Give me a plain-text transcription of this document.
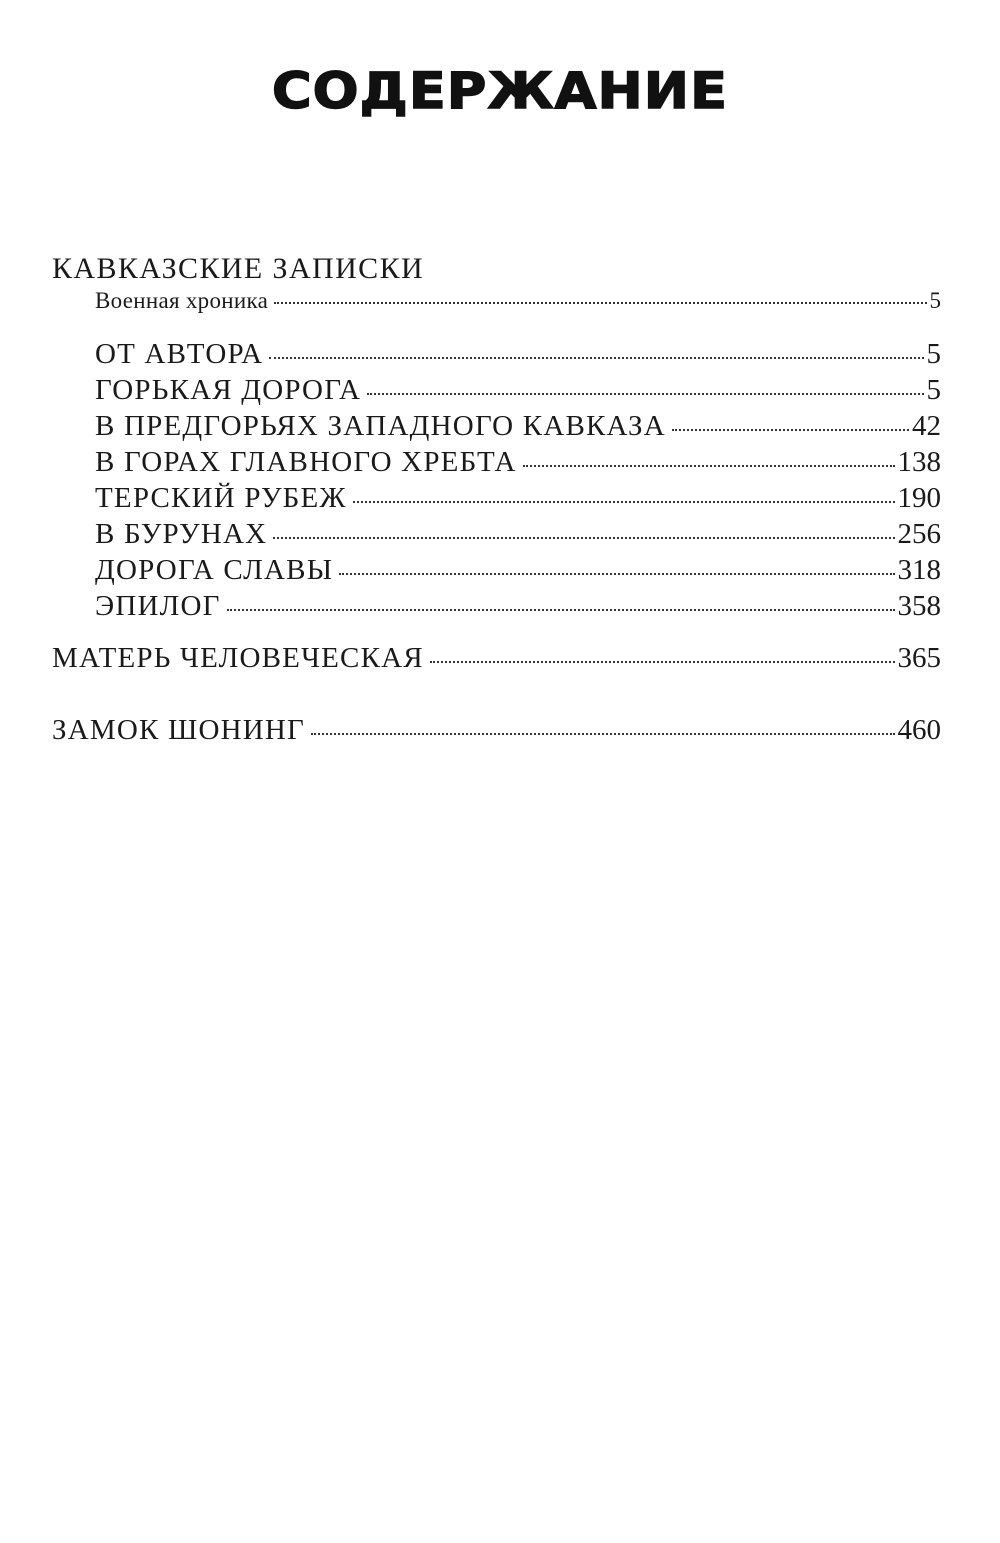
СОДЕРЖАНИЕ
КАВКАЗСКИЕ ЗАПИСКИ
Военная хроника	5
ОТ АВТОРА	5
ГОРЬКАЯ ДОРОГА	5
В ПРЕДГОРЬЯХ ЗАПАДНОГО КАВКАЗА	42
В ГОРАХ ГЛАВНОГО ХРЕБТА	138
ТЕРСКИЙ РУБЕЖ	190
В БУРУНАХ	256
ДОРОГА СЛАВЫ	318
ЭПИЛОГ	358
МАТЕРЬ ЧЕЛОВЕЧЕСКАЯ	365
ЗАМОК ШОНИНГ	460
